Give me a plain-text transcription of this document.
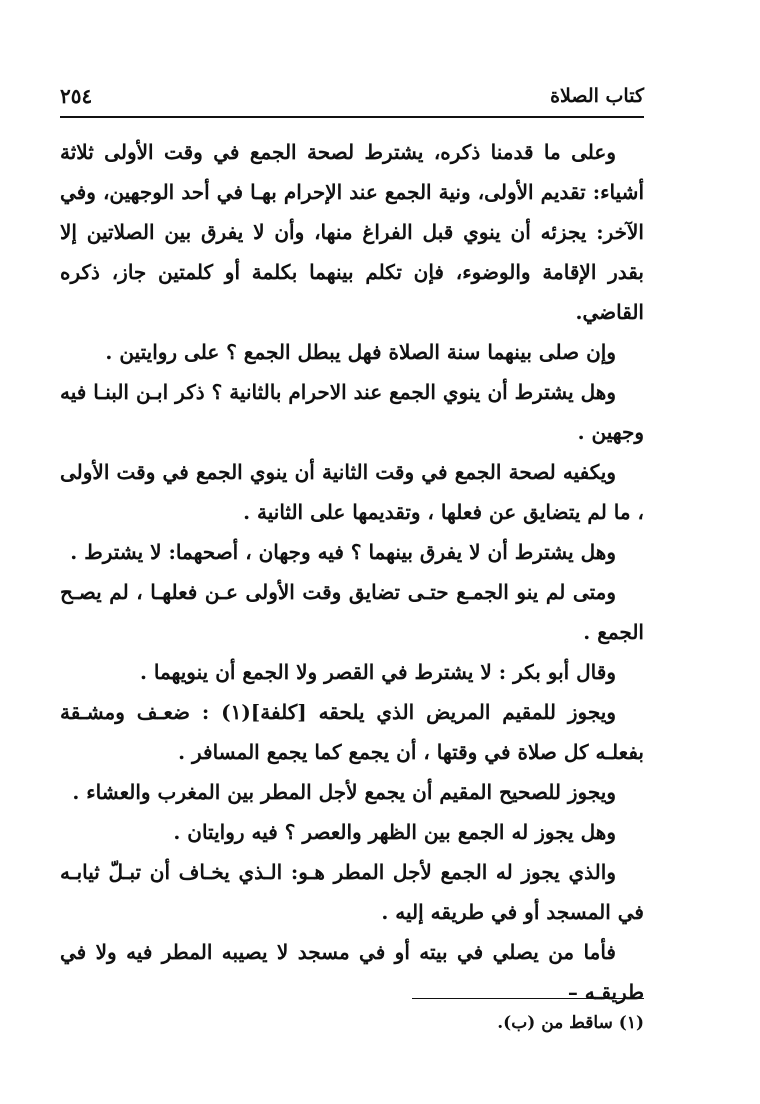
كتاب الصلاة
٢٥٤

وعلى ما قدمنا ذكره، يشترط لصحة الجمع في وقت الأولى ثلاثة أشياء: تقديم الأولى، ونية الجمع عند الإحرام بهـا في أحد الوجهين، وفي الآخر: يجزئه أن ينوي قبل الفراغ منها، وأن لا يفرق بين الصلاتين إلا بقدر الإقامة والوضوء، فإن تكلم بينهما بكلمة أو كلمتين جاز، ذكره القاضي.

وإن صلى بينهما سنة الصلاة فهل يبطل الجمع ؟ على روايتين .

وهل يشترط أن ينوي الجمع عند الاحرام بالثانية ؟ ذكر ابـن البنـا فيه وجهين .

ويكفيه لصحة الجمع في وقت الثانية أن ينوي الجمع في وقت الأولى ، ما لم يتضايق عن فعلها ، وتقديمها على الثانية .

وهل يشترط أن لا يفرق بينهما ؟ فيه وجهان ، أصحهما: لا يشترط .

ومتى لم ينو الجمـع حتـى تضايق وقت الأولى عـن فعلهـا ، لم يصـح الجمع .

وقال أبو بكر : لا يشترط في القصر ولا الجمع أن ينويهما .

ويجوز للمقيم المريض الذي يلحقه [كلفة](١) : ضعـف ومشـقة بفعلـه كل صلاة في وقتها ، أن يجمع كما يجمع المسافر .

ويجوز للصحيح المقيم أن يجمع لأجل المطر بين المغرب والعشاء .

وهل يجوز له الجمع بين الظهر والعصر ؟ فيه روايتان .

والذي يجوز له الجمع لأجل المطر هـو: الـذي يخـاف أن تبـلّ ثيابـه في المسجد أو في طريقه إليه .

فأما من يصلي في بيته أو في مسجد لا يصيبه المطر فيه ولا في طريقـه –

(١) ساقط من (ب).
